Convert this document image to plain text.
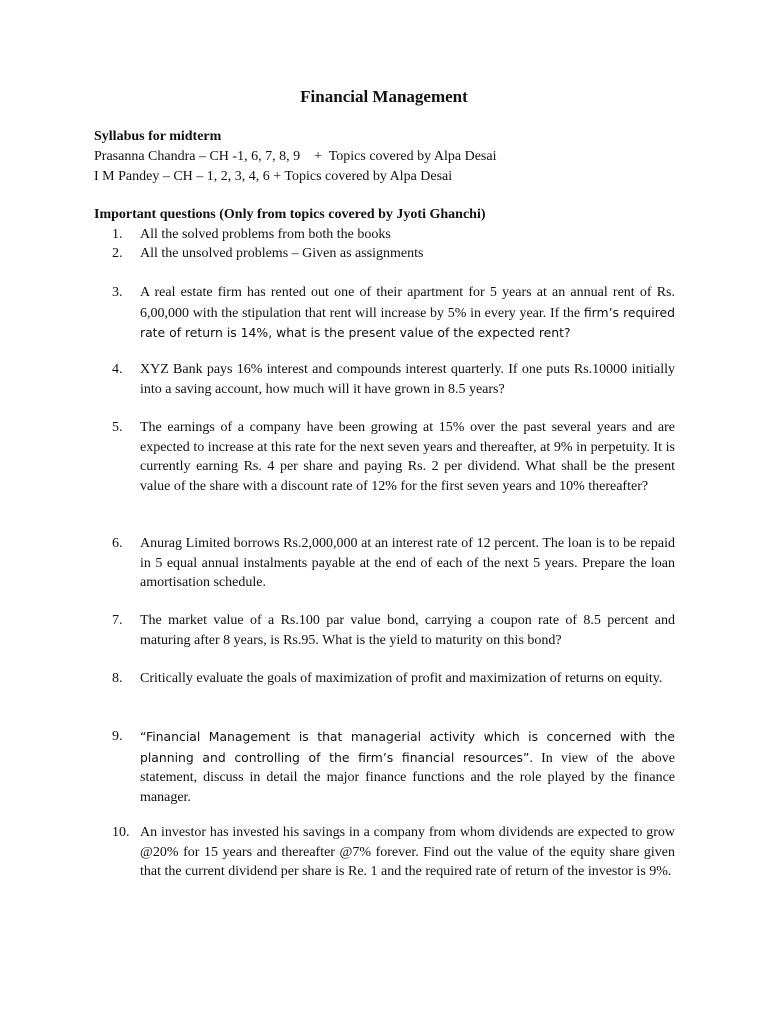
Financial Management
Syllabus for midterm
Prasanna Chandra – CH -1, 6, 7, 8, 9    +  Topics covered by Alpa Desai
I M Pandey – CH – 1, 2, 3, 4, 6 + Topics covered by Alpa Desai
Important questions (Only from topics covered by Jyoti Ghanchi)
1.	All the solved problems from both the books
2.	All the unsolved problems – Given as assignments
3.	A real estate firm has rented out one of their apartment for 5 years at an annual rent of Rs. 6,00,000 with the stipulation that rent will increase by 5% in every year. If the firm’s required rate of return is 14%, what is the present value of the expected rent?
4.	XYZ Bank pays 16% interest and compounds interest quarterly. If one puts Rs.10000 initially into a saving account, how much will it have grown in 8.5 years?
5.	The earnings of a company have been growing at 15% over the past several years and are expected to increase at this rate for the next seven years and thereafter, at 9% in perpetuity. It is currently earning Rs. 4 per share and paying Rs. 2 per dividend. What shall be the present value of the share with a discount rate of 12% for the first seven years and 10% thereafter?
6.	Anurag Limited borrows Rs.2,000,000 at an interest rate of 12 percent. The loan is to be repaid in 5 equal annual instalments payable at the end of each of the next 5 years. Prepare the loan amortisation schedule.
7.	The market value of a Rs.100 par value bond, carrying a coupon rate of 8.5 percent and maturing after 8 years, is Rs.95. What is the yield to maturity on this bond?
8.	Critically evaluate the goals of maximization of profit and maximization of returns on equity.
9.	“Financial Management is that managerial activity which is concerned with the planning and controlling of the firm’s financial resources”. In view of the above statement, discuss in detail the major finance functions and the role played by the finance manager.
10. An investor has invested his savings in a company from whom dividends are expected to grow @20% for 15 years and thereafter @7% forever. Find out the value of the equity share given that the current dividend per share is Re. 1 and the required rate of return of the investor is 9%.
